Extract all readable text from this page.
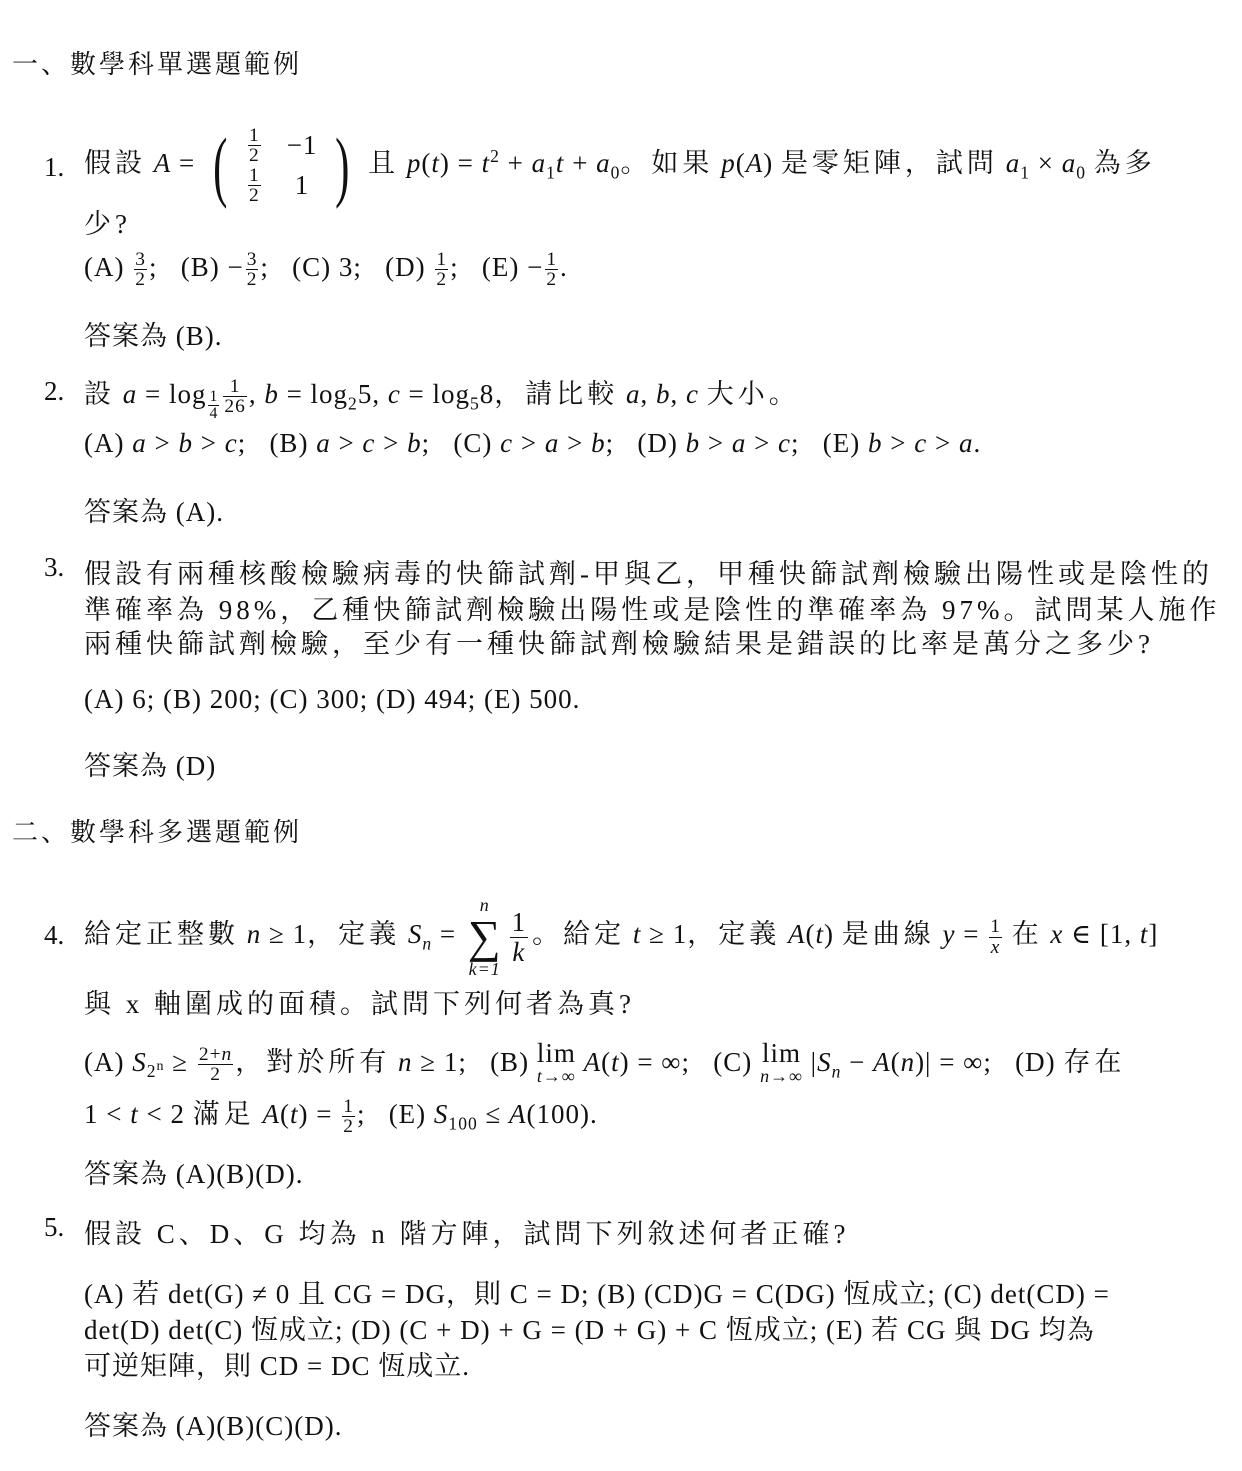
一、數學科單選題範例
1. 假設 A = ( $\frac{1}{2}$	−1

$\frac{1}{2}$	1 ) 且 $p(t) = t^2 + a_1t + a_0$。如果 p(A) 是零矩陣，試問 $a_1 \times a_0$ 為多
少?
$(A) \frac{3}{2}$ ;   $(B) - \frac{3}{2}$ ;   (C) 3;   $(D) \frac{1}{2}$ ;   $(E) - \frac{1}{2}$ .
答案為 (B).
2. 設 $a = \log _{\frac{1}{4}} \frac{1}{26}$ , $b = \log_25$, $c = \log_58$，請比較 a, b, c 大小。
(A) a > b > c;   (B) a > c > b;   (C) c > a > b;   (D) b > a > c;   (E) b > c > a.
答案為 (A).
3. 假設有兩種核酸檢驗病毒的快篩試劑-甲與乙，甲種快篩試劑檢驗出陽性或是陰性的
準確率為 98%，乙種快篩試劑檢驗出陽性或是陰性的準確率為 97%。試問某人施作
兩種快篩試劑檢驗，至少有一種快篩試劑檢驗結果是錯誤的比率是萬分之多少?
(A) 6; (B) 200; (C) 300; (D) 494; (E) 500.
答案為 (D)
二、數學科多選題範例
4. 給定正整數 n ≥ 1，定義 $S_n$ =
n
∑
k=1
$\frac{1}{k}$ 。給定 t ≥ 1，定義 A(t) 是曲線 $y = \frac{1}{x}$ 在 x ∈ [1, t]
與 x 軸圍成的面積。試問下列何者為真?
(A) $S_{2^n} \ge \frac{2+n}{2}$ ，對於所有 n ≥ 1;   (B) lim
t→∞ A(t) = ∞;   (C) lim
n→∞ $|S_n - A(n)|$ = ∞;   (D) 存在
1 < t < 2 滿足 $A(t) = \frac{1}{2}$ ;   (E) $S_{100} \le A(100)$.
答案為 (A)(B)(D).
5. 假設 C、D、G 均為 n 階方陣，試問下列敘述何者正確?
(A) 若 det(G) ≠ 0 且 CG = DG，則 C = D; (B) (CD)G = C(DG) 恆成立; (C) det(CD) =
det(D) det(C) 恆成立; (D) (C + D) + G = (D + G) + C 恆成立; (E) 若 CG 與 DG 均為
可逆矩陣，則 CD = DC 恆成立.
答案為 (A)(B)(C)(D).
